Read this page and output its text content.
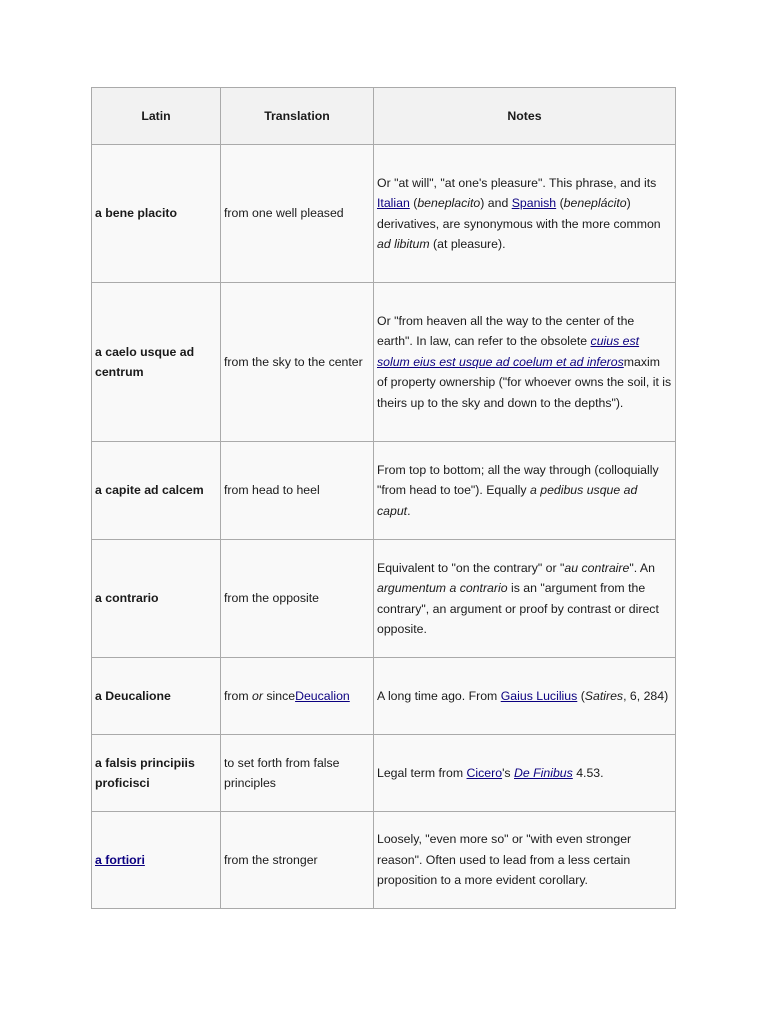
Latin	Translation	Notes
a bene placito	from one well pleased	Or "at will", "at one's pleasure". This phrase, and its Italian (beneplacito) and Spanish (beneplácito) derivatives, are synonymous with the more common ad libitum (at pleasure).
a caelo usque ad centrum	from the sky to the center	Or "from heaven all the way to the center of the earth". In law, can refer to the obsolete cuius est solum eius est usque ad coelum et ad inferosmaxim of property ownership ("for whoever owns the soil, it is theirs up to the sky and down to the depths").
a capite ad calcem	from head to heel	From top to bottom; all the way through (colloquially "from head to toe"). Equally a pedibus usque ad caput.
a contrario	from the opposite	Equivalent to "on the contrary" or "au contraire". An argumentum a contrario is an "argument from the contrary", an argument or proof by contrast or direct opposite.
a Deucalione	from or sinceDeucalion	A long time ago. From Gaius Lucilius (Satires, 6, 284)
a falsis principiis proficisci	to set forth from false principles	Legal term from Cicero's De Finibus 4.53.
a fortiori	from the stronger	Loosely, "even more so" or "with even stronger reason". Often used to lead from a less certain proposition to a more evident corollary.
